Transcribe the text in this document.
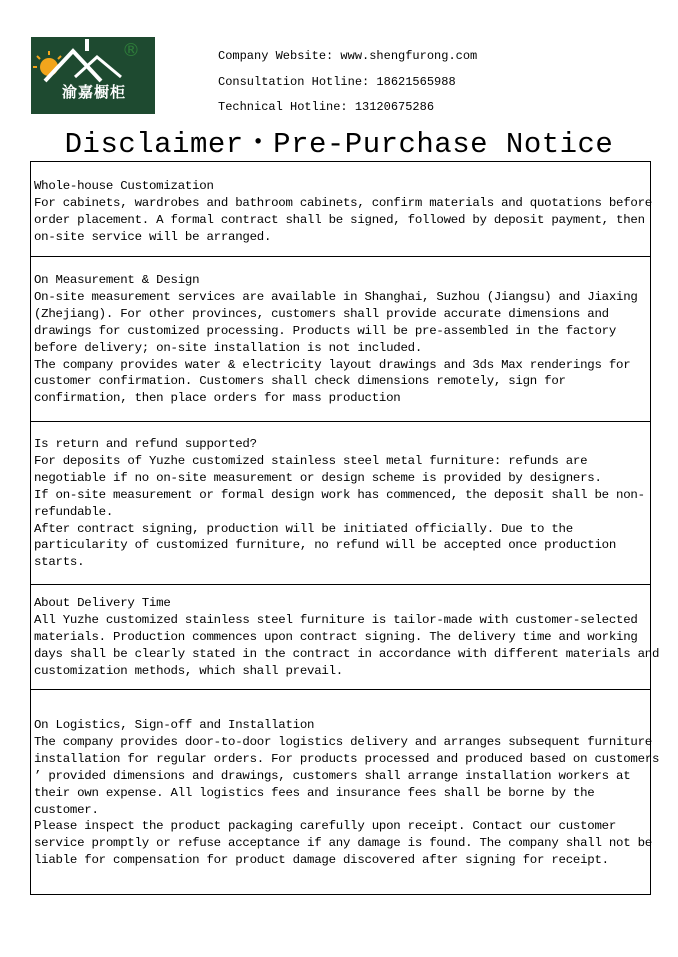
渝嘉橱柜
®	Company Website: www.shengfurong.com
Consultation Hotline: 18621565988
Technical Hotline: 13120675286
Disclaimer・Pre-Purchase Notice
Whole-house Customization
For cabinets, wardrobes and bathroom cabinets, confirm materials and quotations before
order placement. A formal contract shall be signed, followed by deposit payment, then
on-site service will be arranged.
On Measurement & Design
On-site measurement services are available in Shanghai, Suzhou (Jiangsu) and Jiaxing
(Zhejiang). For other provinces, customers shall provide accurate dimensions and
drawings for customized processing. Products will be pre-assembled in the factory
before delivery; on-site installation is not included.
The company provides water & electricity layout drawings and 3ds Max renderings for
customer confirmation. Customers shall check dimensions remotely, sign for
confirmation, then place orders for mass production
Is return and refund supported?
For deposits of Yuzhe customized stainless steel metal furniture: refunds are
negotiable if no on-site measurement or design scheme is provided by designers.
If on-site measurement or formal design work has commenced, the deposit shall be non-
refundable.
After contract signing, production will be initiated officially. Due to the
particularity of customized furniture, no refund will be accepted once production
starts.
About Delivery Time
All Yuzhe customized stainless steel furniture is tailor-made with customer-selected
materials. Production commences upon contract signing. The delivery time and working
days shall be clearly stated in the contract in accordance with different materials and
customization methods, which shall prevail.
On Logistics, Sign-off and Installation
The company provides door-to-door logistics delivery and arranges subsequent furniture
installation for regular orders. For products processed and produced based on customers
’ provided dimensions and drawings, customers shall arrange installation workers at
their own expense. All logistics fees and insurance fees shall be borne by the
customer.
Please inspect the product packaging carefully upon receipt. Contact our customer
service promptly or refuse acceptance if any damage is found. The company shall not be
liable for compensation for product damage discovered after signing for receipt.
